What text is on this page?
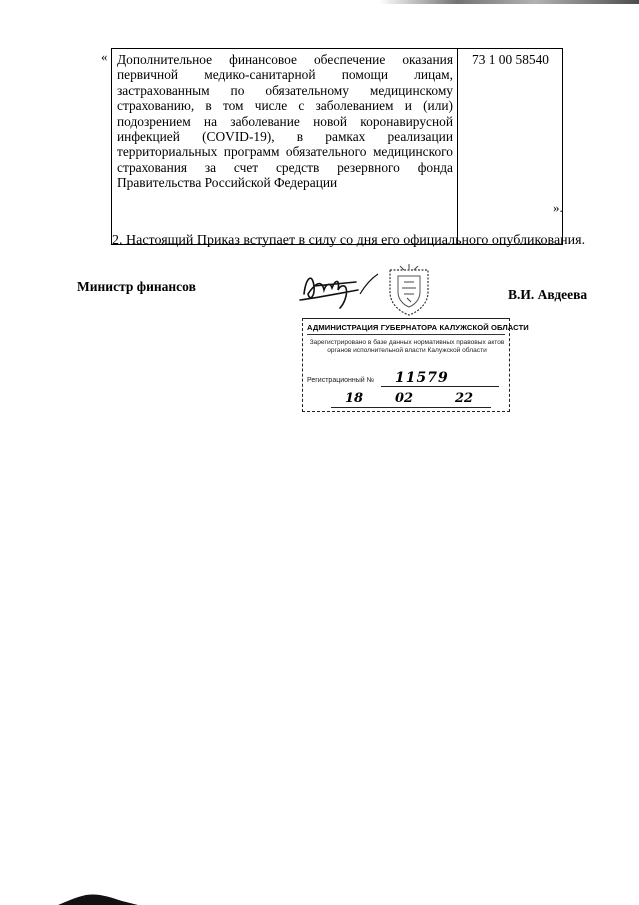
« Дополнительное финансовое обеспечение оказания первичной медико-санитарной помощи лицам, застрахованным по обязательному медицинскому страхованию, в том числе с заболеванием и (или) подозрением на заболевание новой коронавирусной инфекцией (COVID-19), в рамках реализации территориальных программ обязательного медицинского страхования за счет средств резервного фонда Правительства Российской Федерации	73 1 00 58540
».
2. Настоящий Приказ вступает в силу со дня его официального опубликования.
Министр финансов
В.И. Авдеева
АДМИНИСТРАЦИЯ ГУБЕРНАТОРА КАЛУЖСКОЙ ОБЛАСТИ
Зарегистрировано в базе данных нормативных правовых актов органов исполнительной власти Калужской области
Регистрационный № 11579
18 02	22
